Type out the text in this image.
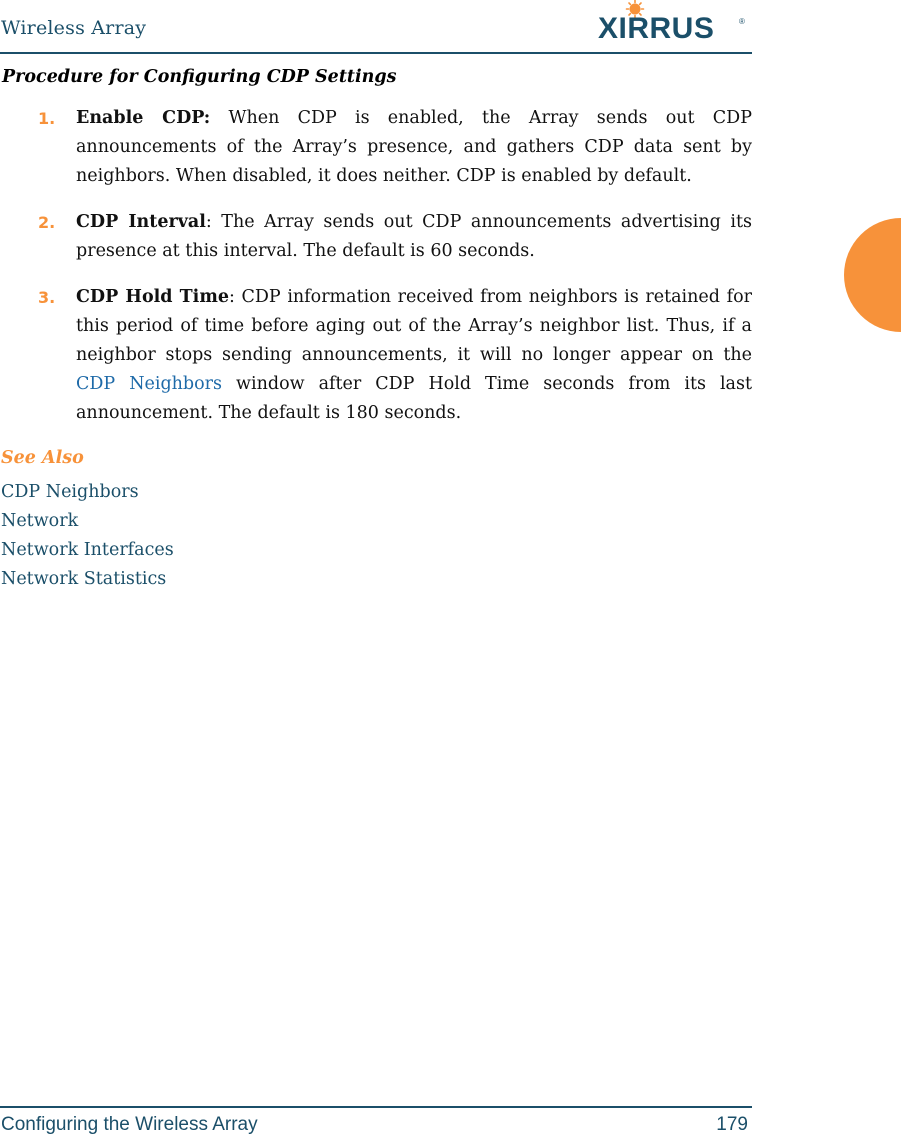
Wireless Array	XIRRUS	®
Procedure for Configuring CDP Settings
1. Enable CDP: When CDP is enabled, the Array sends out CDP announcements of the Array’s presence, and gathers CDP data sent by neighbors. When disabled, it does neither. CDP is enabled by default.
2. CDP Interval: The Array sends out CDP announcements advertising its presence at this interval. The default is 60 seconds.
3. CDP Hold Time: CDP information received from neighbors is retained for this period of time before aging out of the Array’s neighbor list. Thus, if a neighbor stops sending announcements, it will no longer appear on the CDP Neighbors window after CDP Hold Time seconds from its last announcement. The default is 180 seconds.
See Also
CDP Neighbors
Network
Network Interfaces
Network Statistics
Configuring the Wireless Array	179
